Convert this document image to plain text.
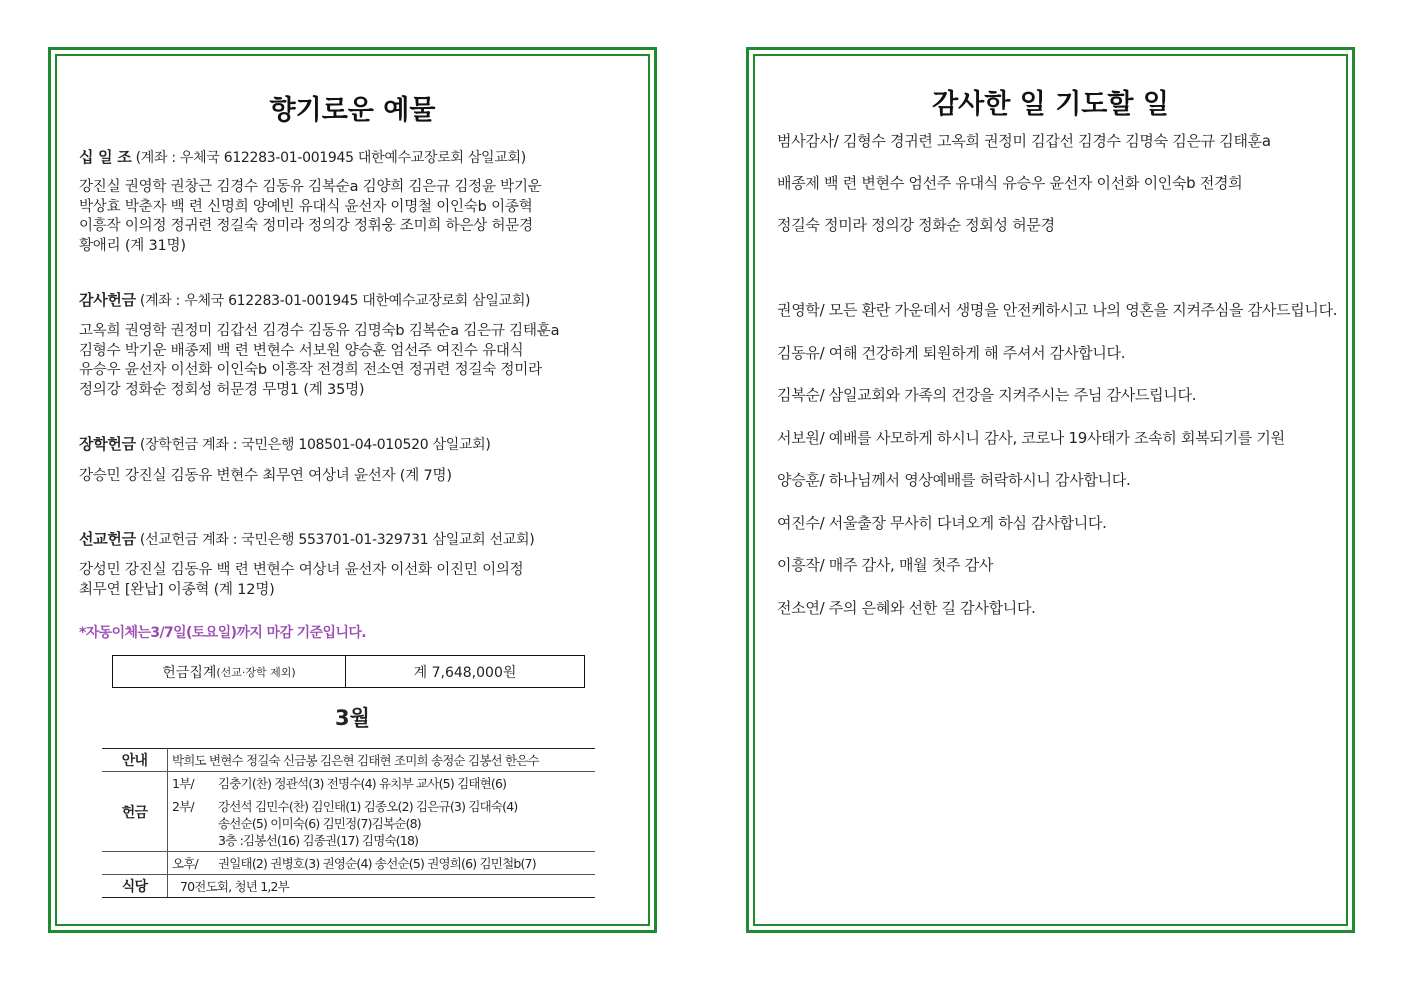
향기로운 예물
십 일 조 (계좌 : 우체국 612283-01-001945 대한예수교장로회 삼일교회)
강진실 권영학 권창근 김경수 김동유 김복순a 김양희 김은규 김정윤 박기운
박상효 박춘자 백 련 신명희 양예빈 유대식 윤선자 이명철 이인숙b 이종혁
이흥작 이의정 정귀련 정길숙 정미라 정의강 정휘웅 조미희 하은상 허문경
황애리 (계 31명)
감사헌금 (계좌 : 우체국 612283-01-001945 대한예수교장로회 삼일교회)
고옥희 권영학 권정미 김갑선 김경수 김동유 김명숙b 김복순a 김은규 김태훈a
김형수 박기운 배종제 백 련 변현수 서보원 양승훈 엄선주 여진수 유대식
유승우 윤선자 이선화 이인숙b 이흥작 전경희 전소연 정귀련 정길숙 정미라
정의강 정화순 정회성 허문경 무명1 (계 35명)
장학헌금 (장학헌금 계좌 : 국민은행 108501-04-010520 삼일교회)
강승민 강진실 김동유 변현수 최무연 여상녀 윤선자 (계 7명)
선교헌금 (선교헌금 계좌 : 국민은행 553701-01-329731 삼일교회 선교회)
강성민 강진실 김동유 백 련 변현수 여상녀 윤선자 이선화 이진민 이의정
최무연 [완납] 이종혁 (계 12명)
*자동이체는3/7일(토요일)까지 마감 기준입니다.
헌금집계 (선교·장학 제외)	계 7,648,000원
3월
안내	박희도 변현수 정길숙 신금봉 김은현 김태현 조미희 송정순 김봉선 한은수
헌금	1부/ 김충기(찬) 정관석(3) 전명수(4) 유치부 교사(5) 김태현(6)
2부/ 강선석 김민수(찬) 김인태(1) 김종오(2) 김은규(3) 김대숙(4)
송선순(5) 이미숙(6) 김민정(7)김복순(8)
3층 :김봉선(16) 김종권(17) 김명숙(18)

	오후/ 권일태(2) 권병호(3) 권영순(4) 송선순(5) 권영희(6) 김민철b(7)
식당	70전도회, 청년 1,2부
감사한 일 기도할 일
범사감사/ 김형수 경귀련 고옥희 권정미 김갑선 김경수 김명숙 김은규 김태훈a
배종제 백 련 변현수 엄선주 유대식 유승우 윤선자 이선화 이인숙b 전경희
정길숙 정미라 정의강 정화순 정회성 허문경
권영학/ 모든 환란 가운데서 생명을 안전케하시고 나의 영혼을 지켜주심을 감사드립니다.
김동유/ 여해 건강하게 퇴원하게 해 주셔서 감사합니다.
김복순/ 삼일교회와 가족의 건강을 지켜주시는 주님 감사드립니다.
서보원/ 예배를 사모하게 하시니 감사, 코로나 19사태가 조속히 회복되기를 기원
양승훈/ 하나님께서 영상예배를 허락하시니 감사합니다.
여진수/ 서울출장 무사히 다녀오게 하심 감사합니다.
이흥작/ 매주 감사, 매월 첫주 감사
전소연/ 주의 은혜와 선한 길 감사합니다.
